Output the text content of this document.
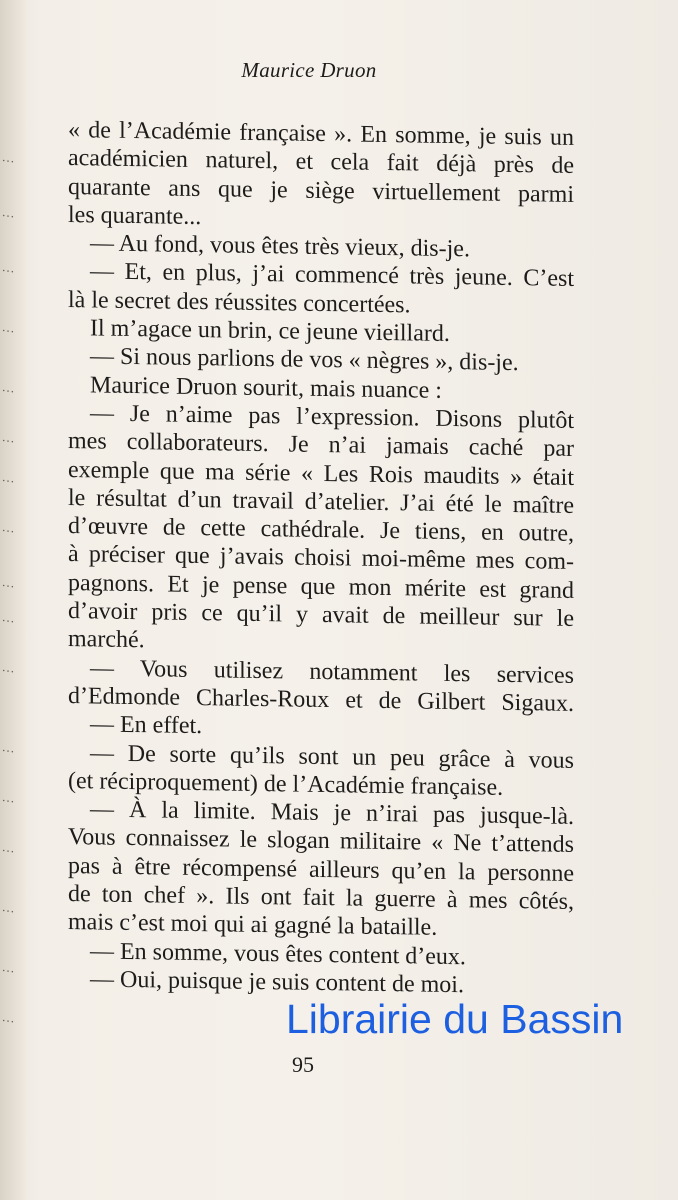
…
…
…
…
…
…
…
…
…
…
…
…
…
…
…
…
…
Maurice Druon
« de l’Académie française ». En somme, je suis un
académicien naturel, et cela fait déjà près de
quarante ans que je siège virtuellement parmi
les quarante...
— Au fond, vous êtes très vieux, dis-je.
— Et, en plus, j’ai commencé très jeune. C’est
là le secret des réussites concertées.
Il m’agace un brin, ce jeune vieillard.
— Si nous parlions de vos « nègres », dis-je.
Maurice Druon sourit, mais nuance :
— Je n’aime pas l’expression. Disons plutôt
mes collaborateurs. Je n’ai jamais caché par
exemple que ma série « Les Rois maudits » était
le résultat d’un travail d’atelier. J’ai été le maître
d’œuvre de cette cathédrale. Je tiens, en outre,
à préciser que j’avais choisi moi-même mes com-
pagnons. Et je pense que mon mérite est grand
d’avoir pris ce qu’il y avait de meilleur sur le
marché.
— Vous utilisez notamment les services
d’Edmonde Charles-Roux et de Gilbert Sigaux.
— En effet.
— De sorte qu’ils sont un peu grâce à vous
(et réciproquement) de l’Académie française.
— À la limite. Mais je n’irai pas jusque-là.
Vous connaissez le slogan militaire « Ne t’attends
pas à être récompensé ailleurs qu’en la personne
de ton chef ». Ils ont fait la guerre à mes côtés,
mais c’est moi qui ai gagné la bataille.
— En somme, vous êtes content d’eux.
— Oui, puisque je suis content de moi.
95
Librairie du Bassin
